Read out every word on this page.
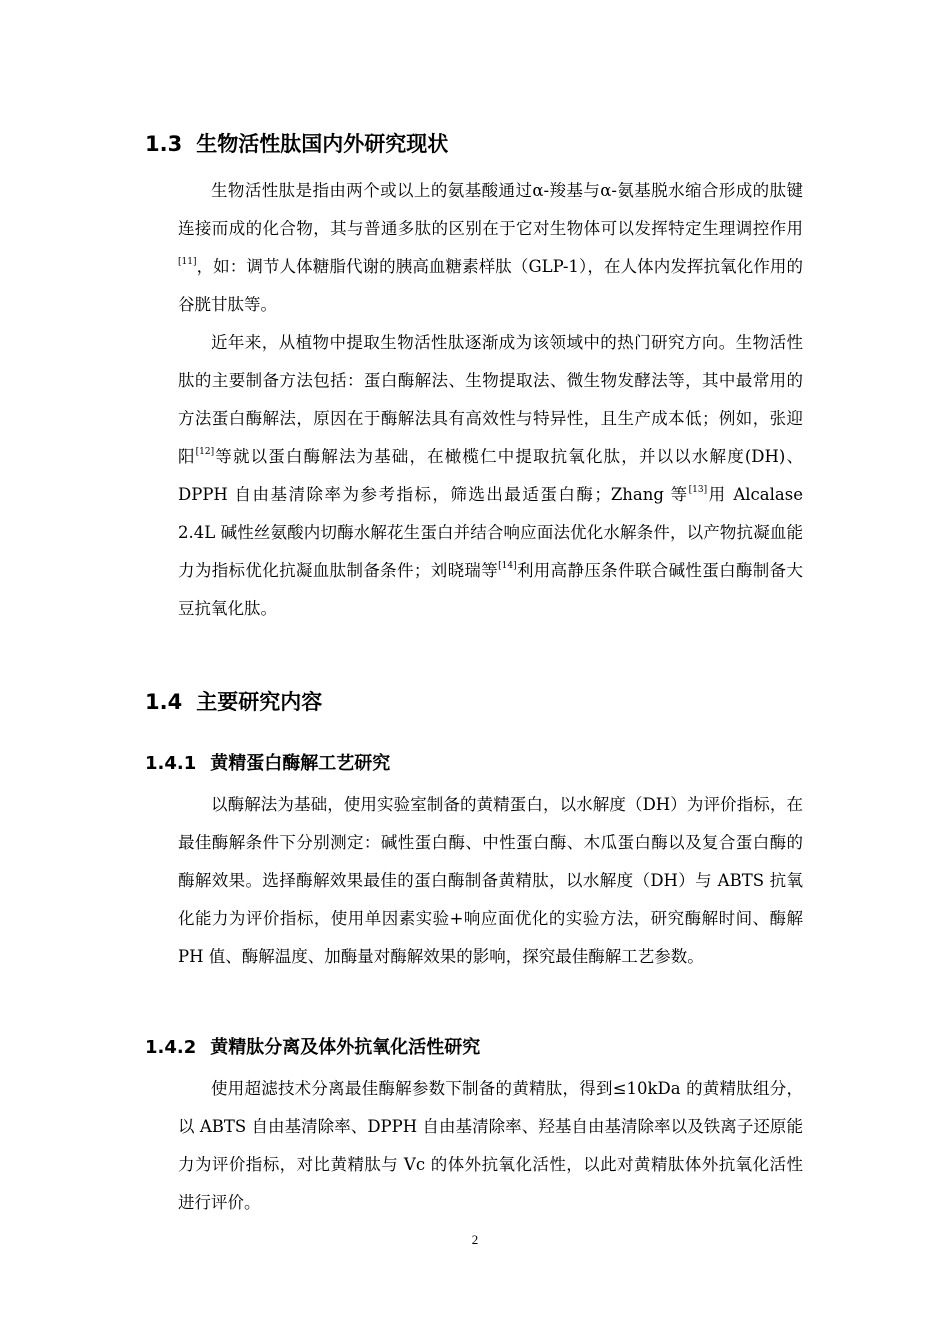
1.3 生物活性肽国内外研究现状

生物活性肽是指由两个或以上的氨基酸通过α-羧基与α-氨基脱水缩合形成的肽键连接而成的化合物，其与普通多肽的区别在于它对生物体可以发挥特定生理调控作用[11]，如：调节人体糖脂代谢的胰高血糖素样肽（GLP-1），在人体内发挥抗氧化作用的谷胱甘肽等。

近年来，从植物中提取生物活性肽逐渐成为该领域中的热门研究方向。生物活性肽的主要制备方法包括：蛋白酶解法、生物提取法、微生物发酵法等，其中最常用的方法蛋白酶解法，原因在于酶解法具有高效性与特异性，且生产成本低；例如，张迎阳[12]等就以蛋白酶解法为基础，在橄榄仁中提取抗氧化肽，并以以水解度(DH)、DPPH 自由基清除率为参考指标，筛选出最适蛋白酶；Zhang 等[13]用 Alcalase 2.4L 碱性丝氨酸内切酶水解花生蛋白并结合响应面法优化水解条件，以产物抗凝血能力为指标优化抗凝血肽制备条件；刘晓瑞等[14]利用高静压条件联合碱性蛋白酶制备大豆抗氧化肽。

1.4 主要研究内容
1.4.1 黄精蛋白酶解工艺研究

以酶解法为基础，使用实验室制备的黄精蛋白，以水解度（DH）为评价指标，在最佳酶解条件下分别测定：碱性蛋白酶、中性蛋白酶、木瓜蛋白酶以及复合蛋白酶的酶解效果。选择酶解效果最佳的蛋白酶制备黄精肽，以水解度（DH）与 ABTS 抗氧化能力为评价指标，使用单因素实验+响应面优化的实验方法，研究酶解时间、酶解 PH 值、酶解温度、加酶量对酶解效果的影响，探究最佳酶解工艺参数。

1.4.2 黄精肽分离及体外抗氧化活性研究

使用超滤技术分离最佳酶解参数下制备的黄精肽，得到≤10kDa 的黄精肽组分，以 ABTS 自由基清除率、DPPH 自由基清除率、羟基自由基清除率以及铁离子还原能力为评价指标，对比黄精肽与 Vc 的体外抗氧化活性，以此对黄精肽体外抗氧化活性进行评价。

2
